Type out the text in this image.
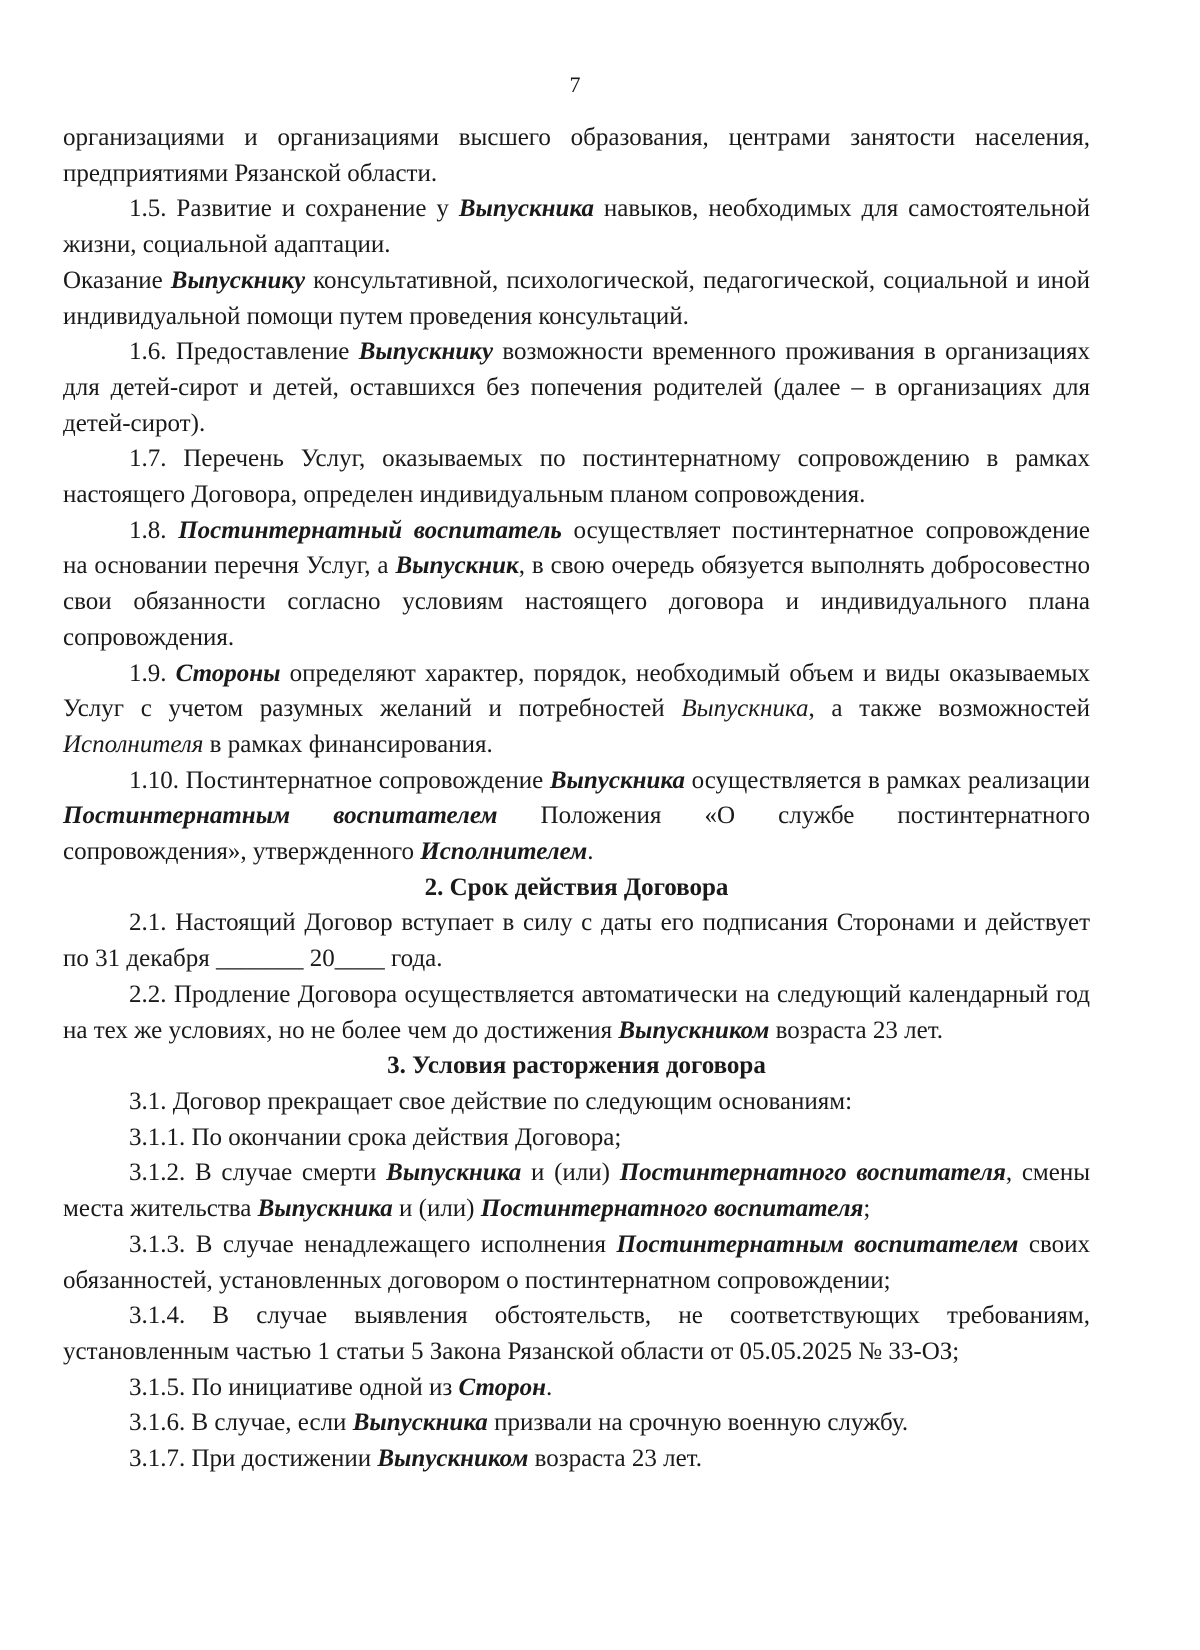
7

организациями и организациями высшего образования, центрами занятости населения, предприятиями Рязанской области.

1.5. Развитие и сохранение у Выпускника навыков, необходимых для самостоятельной жизни, социальной адаптации.

Оказание Выпускнику консультативной, психологической, педагогической, социальной и иной индивидуальной помощи путем проведения консультаций.

1.6. Предоставление Выпускнику возможности временного проживания в организациях для детей-сирот и детей, оставшихся без попечения родителей (далее – в организациях для детей-сирот).

1.7. Перечень Услуг, оказываемых по постинтернатному сопровождению в рамках настоящего Договора, определен индивидуальным планом сопровождения.

1.8. Постинтернатный воспитатель осуществляет постинтернатное сопровождение на основании перечня Услуг, а Выпускник, в свою очередь обязуется выполнять добросовестно свои обязанности согласно условиям настоящего договора и индивидуального плана сопровождения.

1.9. Стороны определяют характер, порядок, необходимый объем и виды оказываемых Услуг с учетом разумных желаний и потребностей Выпускника, а также возможностей Исполнителя в рамках финансирования.

1.10. Постинтернатное сопровождение Выпускника осуществляется в рамках реализации Постинтернатным воспитателем Положения «О службе постинтернатного сопровождения», утвержденного Исполнителем.

2. Срок действия Договора

2.1. Настоящий Договор вступает в силу с даты его подписания Сторонами и действует по 31 декабря _______ 20____ года.

2.2. Продление Договора осуществляется автоматически на следующий календарный год на тех же условиях, но не более чем до достижения Выпускником возраста 23 лет.

3. Условия расторжения договора

3.1. Договор прекращает свое действие по следующим основаниям:

3.1.1. По окончании срока действия Договора;

3.1.2. В случае смерти Выпускника и (или) Постинтернатного воспитателя, смены места жительства Выпускника и (или) Постинтернатного воспитателя;

3.1.3. В случае ненадлежащего исполнения Постинтернатным воспитателем своих обязанностей, установленных договором о постинтернатном сопровождении;

3.1.4. В случае выявления обстоятельств, не соответствующих требованиям, установленным частью 1 статьи 5 Закона Рязанской области от 05.05.2025 № 33-ОЗ;

3.1.5. По инициативе одной из Сторон.

3.1.6. В случае, если Выпускника призвали на срочную военную службу.

3.1.7. При достижении Выпускником возраста 23 лет.
